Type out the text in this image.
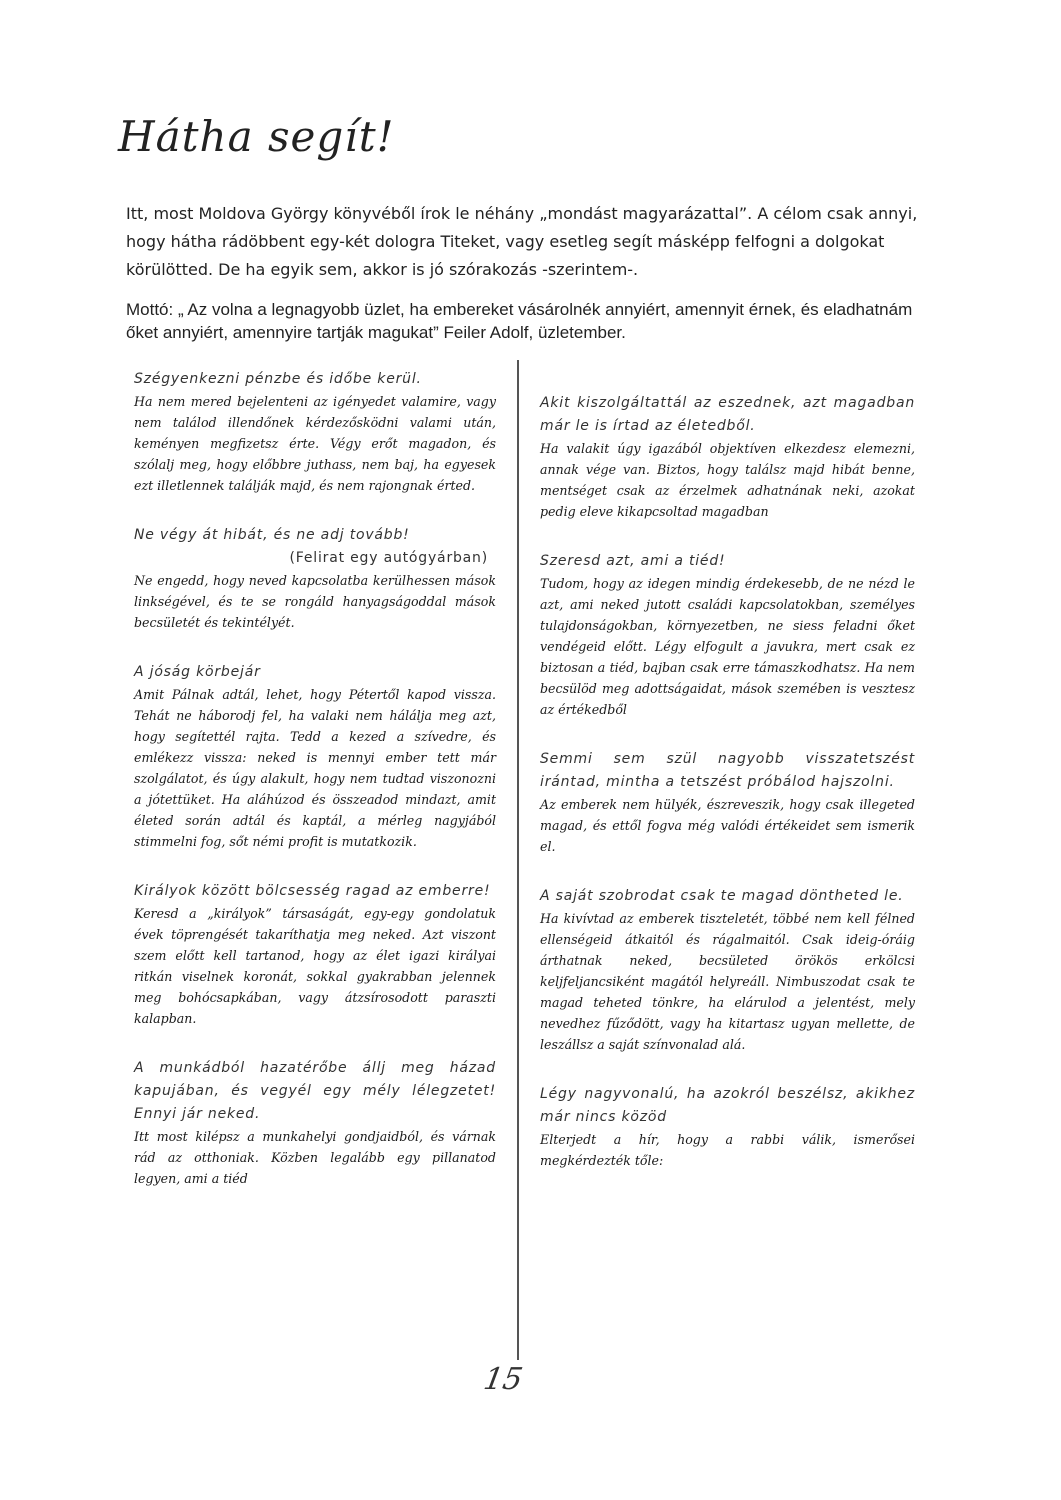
Hátha segít!
Itt, most Moldova György könyvéből írok le néhány „mondást magyarázattal”. A célom csak annyi, hogy hátha rádöbbent egy-két dologra Titeket, vagy esetleg segít másképp felfogni a dolgokat körülötted. De ha egyik sem, akkor is jó szórakozás -szerintem-.
Mottó: „ Az volna a legnagyobb üzlet, ha embereket vásárolnék annyiért, amennyit érnek, és eladhatnám őket annyiért, amennyire tartják magukat” Feiler Adolf, üzletember.

Szégyenkezni pénzbe és időbe kerül.

Ha nem mered bejelenteni az igényedet valamire, vagy nem találod illendőnek kérdezősködni valami után, keményen megfizetsz érte. Végy erőt magadon, és szólalj meg, hogy előbbre juthass, nem baj, ha egyesek ezt illetlennek találják majd, és nem rajongnak érted.

Ne végy át hibát, és ne adj tovább!

(Felirat egy autógyárban)

Ne engedd, hogy neved kapcsolatba kerülhessen mások linkségével, és te se rongáld hanyagságoddal mások becsületét és tekintélyét.

A jóság körbejár

Amit Pálnak adtál, lehet, hogy Pétertől kapod vissza. Tehát ne háborodj fel, ha valaki nem hálálja meg azt, hogy segítettél rajta. Tedd a kezed a szívedre, és emlékezz vissza: neked is mennyi ember tett már szolgálatot, és úgy alakult, hogy nem tudtad viszonozni a jótettüket. Ha aláhúzod és összeadod mindazt, amit életed során adtál és kaptál, a mérleg nagyjából stimmelni fog, sőt némi profit is mutatkozik.

Királyok között bölcsesség ragad az emberre!

Keresd a „királyok” társaságát, egy-egy gondolatuk évek töprengését takaríthatja meg neked. Azt viszont szem előtt kell tartanod, hogy az élet igazi királyai ritkán viselnek koronát, sokkal gyakrabban jelennek meg bohócsapkában, vagy átzsírosodott paraszti kalapban.

A munkádból hazatérőbe állj meg házad kapujában, és vegyél egy mély lélegzetet! Ennyi jár neked.

Itt most kilépsz a munkahelyi gondjaidból, és várnak rád az otthoniak. Közben legalább egy pillanatod legyen, ami a tiéd

Akit kiszolgáltattál az eszednek, azt magadban már le is írtad az életedből.

Ha valakit úgy igazából objektíven elkezdesz elemezni, annak vége van. Biztos, hogy találsz majd hibát benne, mentséget csak az érzelmek adhatnának neki, azokat pedig eleve kikapcsoltad magadban

Szeresd azt, ami a tiéd!

Tudom, hogy az idegen mindig érdekesebb, de ne nézd le azt, ami neked jutott családi kapcsolatokban, személyes tulajdonságokban, környezetben, ne siess feladni őket vendégeid előtt. Légy elfogult a javukra, mert csak ez biztosan a tiéd, bajban csak erre támaszkodhatsz. Ha nem becsülöd meg adottságaidat, mások szemében is vesztesz az értékedből

Semmi sem szül nagyobb visszatetszést irántad, mintha a tetszést próbálod hajszolni.

Az emberek nem hülyék, észreveszik, hogy csak illegeted magad, és ettől fogva még valódi értékeidet sem ismerik el.

A saját szobrodat csak te magad döntheted le.

Ha kivívtad az emberek tiszteletét, többé nem kell félned ellenségeid átkaitól és rágalmaitól. Csak ideig-óráig árthatnak neked, becsületed örökös erkölcsi keljfeljancsiként magától helyreáll. Nimbuszodat csak te magad teheted tönkre, ha elárulod a jelentést, mely nevedhez fűződött, vagy ha kitartasz ugyan mellette, de leszállsz a saját színvonalad alá.

Légy nagyvonalú, ha azokról beszélsz, akikhez már nincs közöd

Elterjedt a hír, hogy a rabbi válik, ismerősei megkérdezték tőle:

15
